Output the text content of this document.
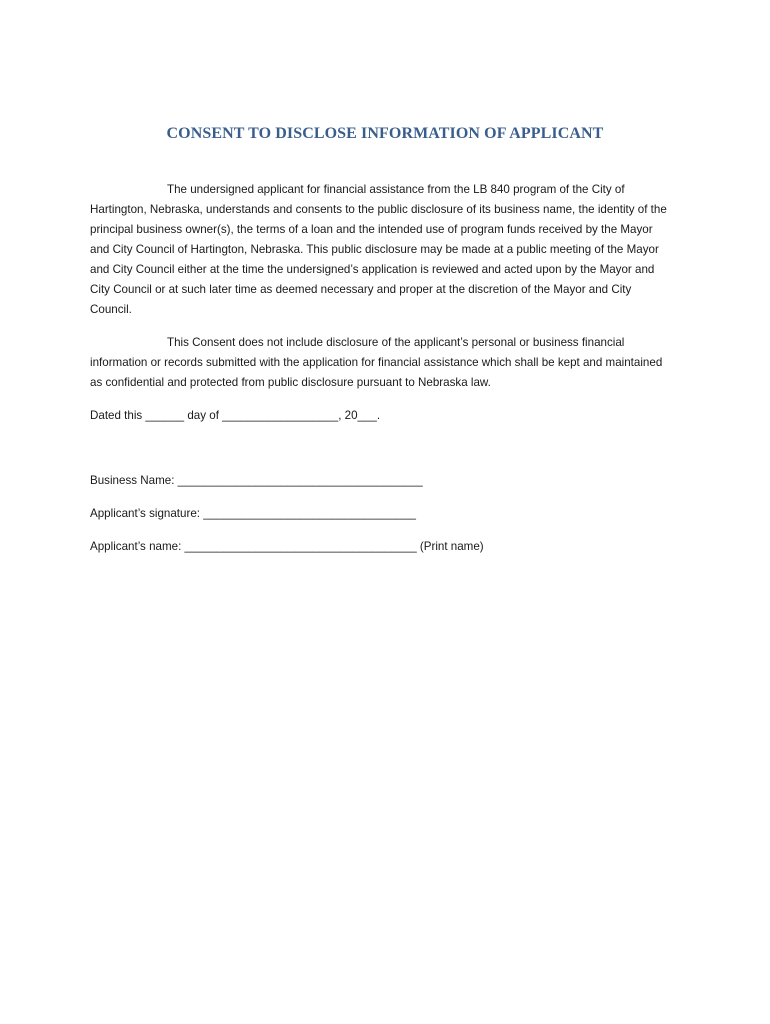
CONSENT TO DISCLOSE INFORMATION OF APPLICANT

The undersigned applicant for financial assistance from the LB 840 program of the City of Hartington, Nebraska, understands and consents to the public disclosure of its business name, the identity of the principal business owner(s), the terms of a loan and the intended use of program funds received by the Mayor and City Council of Hartington, Nebraska. This public disclosure may be made at a public meeting of the Mayor and City Council either at the time the undersigned’s application is reviewed and acted upon by the Mayor and City Council or at such later time as deemed necessary and proper at the discretion of the Mayor and City Council.

This Consent does not include disclosure of the applicant’s personal or business financial information or records submitted with the application for financial assistance which shall be kept and maintained as confidential and protected from public disclosure pursuant to Nebraska law.

Dated this ______ day of __________________, 20___.
Business Name: ______________________________________
Applicant’s signature: _________________________________
Applicant’s name: ____________________________________ (Print name)
